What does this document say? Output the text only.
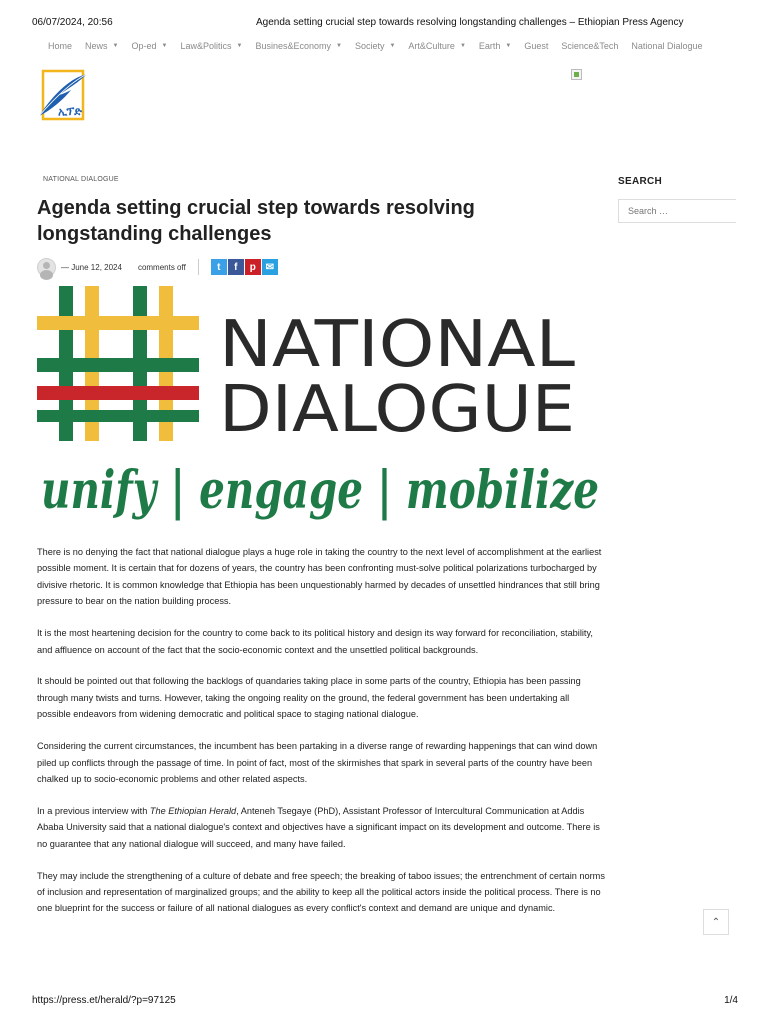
06/07/2024, 20:56	Agenda setting crucial step towards resolving longstanding challenges – Ethiopian Press Agency
Home News ▼ Op-ed ▼ Law&Politics ▼ Busines&Economy ▼ Society ▼ Art&Culture ▼ Earth ▼ Guest Science&Tech National Dialogue
ኢፕድ
NATIONAL DIALOGUE
Agenda setting crucial step towards resolving longstanding challenges
— June 12, 2024 comments off	t	f	p ✉
NATIONAL
DIALOGUE
unify | engage | mobilize

There is no denying the fact that national dialogue plays a huge role in taking the country to the next level of accomplishment at the earliest possible moment. It is certain that for dozens of years, the country has been confronting must-solve political polarizations turbocharged by divisive rhetoric. It is common knowledge that Ethiopia has been unquestionably harmed by decades of unsettled hindrances that still bring pressure to bear on the nation building process.

It is the most heartening decision for the country to come back to its political history and design its way forward for reconciliation, stability, and affluence on account of the fact that the socio-economic context and the unsettled political backgrounds.

It should be pointed out that following the backlogs of quandaries taking place in some parts of the country, Ethiopia has been passing through many twists and turns. However, taking the ongoing reality on the ground, the federal government has been undertaking all possible endeavors from widening democratic and political space to staging national dialogue.

Considering the current circumstances, the incumbent has been partaking in a diverse range of rewarding happenings that can wind down piled up conflicts through the passage of time. In point of fact, most of the skirmishes that spark in several parts of the country have been chalked up to socio-economic problems and other related aspects.

In a previous interview with The Ethiopian Herald, Anteneh Tsegaye (PhD), Assistant Professor of Intercultural Communication at Addis Ababa University said that a national dialogue's context and objectives have a significant impact on its development and outcome. There is no guarantee that any national dialogue will succeed, and many have failed.

They may include the strengthening of a culture of debate and free speech; the breaking of taboo issues; the entrenchment of certain norms of inclusion and representation of marginalized groups; and the ability to keep all the political actors inside the political process. There is no one blueprint for the success or failure of all national dialogues as every conflict's context and demand are unique and dynamic.

SEARCH
Search …
⌃
https://press.et/herald/?p=97125	1/4
